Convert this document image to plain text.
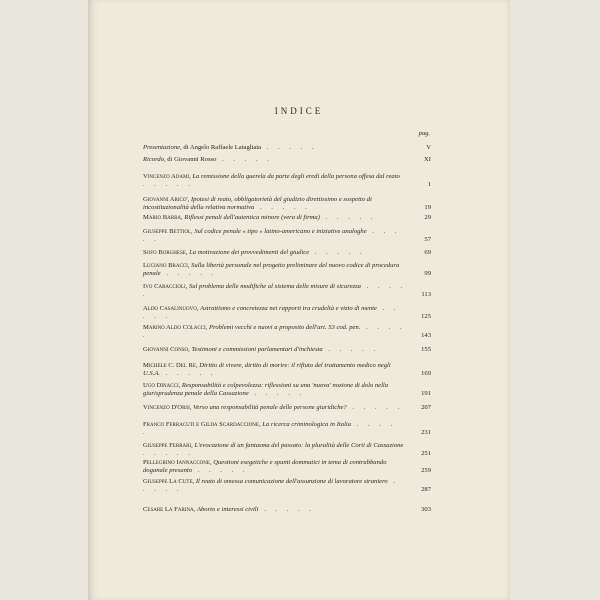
INDICE
pag.
Presentazione, di Angelo Raffaele Latagliata . . . . .	V
Ricordo, di Giovanni Rosso . . . . .	XI
Vincenzo Adami, La remissione della querela da parte degli eredi della persona offesa dal reato . . . . .	1
Giovanni Arico', Ipotesi di reato, obbligatorietà del giudizio direttissimo e sospetto di incostituzionalità della relativa normativa . . . . .	19
Mario Barba, Riflessi penali dell'autentica minore (vera di firma) . . . . .	29
Giuseppe Bettiol, Sul codice penale « tipo » latino-americano e iniziative analoghe . . . . .	57
Sofo Borghese, La motivazione dei provvedimenti del giudice . . . . .	69
Luciano Bracci, Sulla libertà personale nel progetto preliminare del nuovo codice di procedura penale . . . . .	99
Ivo Caraccioli, Sul problema delle modifiche al sistema delle misure di sicurezza . . . . .	113
Aldo Casalinuovo, Astrattismo e concretezza nei rapporti tra crudeltà e vizio di mente . . . . .	125
Marino Aldo Colacci, Problemi vecchi e nuovi a proposito dell'art. 53 cod. pen. . . . . .	143
Giovanni Conso, Testimoni e commissioni parlamentari d'inchiesta . . . . .	155
Michele C. Del Re, Diritto di vivere, diritto di morire: il rifiuto del trattamento medico negli U.S.A. . . . . .	169
Ugo Dinacci, Responsabilità e colpevolezza: riflessioni su una 'nuova' nozione di dolo nella giurisprudenza penale della Cassazione . . . . .	191
Vincenzo D'Orsi, Verso una responsabilità penale delle persone giuridiche? . . . . .	207
Franco Ferracuti e Gilda Scardaccione, La ricerca criminologica in Italia . . . . .	231
Giuseppe Ferrari, L'evocazione di un fantasma del passato: la pluralità delle Corti di Cassazione . . . . .	251
Pellegrino Iannaccone, Questioni esegetiche e spunti dommatici in tema di contrabbando doganale presunto . . . . .	259
Giuseppe La Cute, Il reato di omessa comunicazione dell'assunzione di lavoratore straniero . . . . .	287
Cesare La Farina, Aborto e interessi civili . . . . .	303
